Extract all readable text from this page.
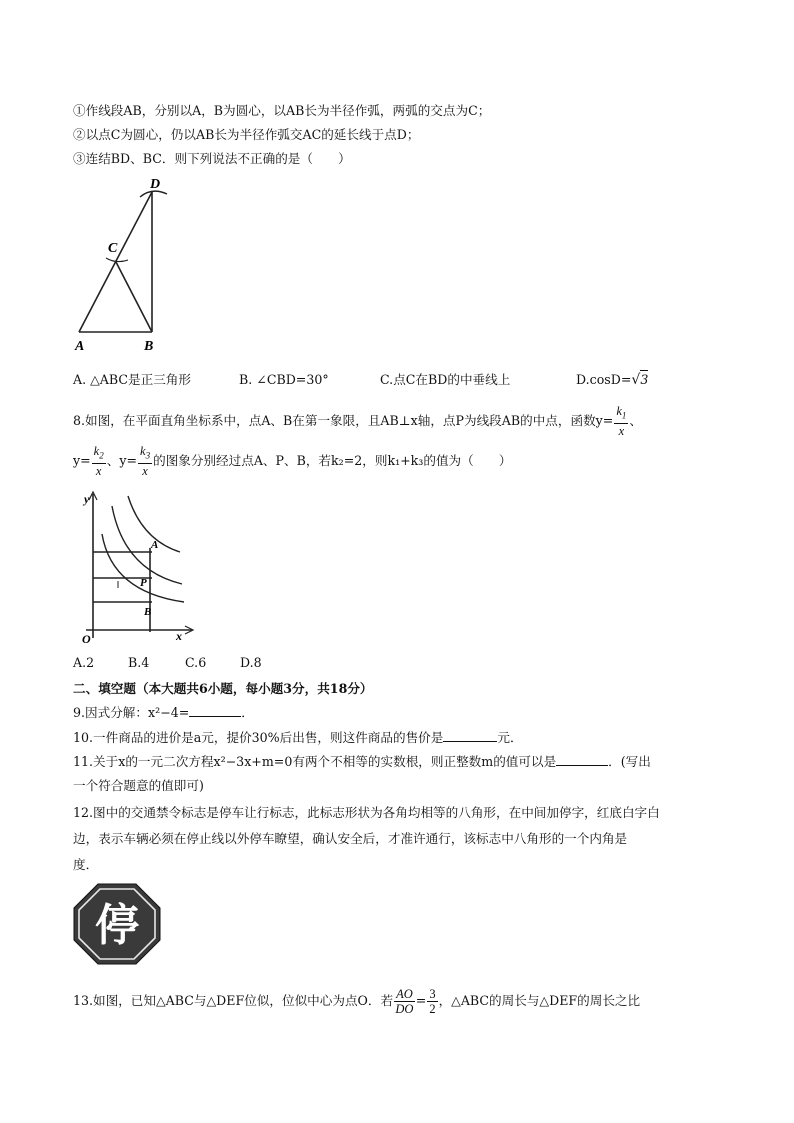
①作线段AB，分别以A，B为圆心，以AB长为半径作弧，两弧的交点为C；
②以点C为圆心，仍以AB长为半径作弧交AC的延长线于点D；
③连结BD、BC．则下列说法不正确的是（　　）
D
C
A	B
A. △ABC是正三角形	B. ∠CBD=30°	C.点C在BD的中垂线上	D.cosD=√3
8.如图，在平面直角坐标系中，点A、B在第一象限，且AB⊥x轴，点P为线段AB的中点，函数$y= \frac{k_1}{x}$ 、
$y= \frac{k_2}{x}$ 、$y= \frac{k_3}{x}$ 的图象分别经过点A、P、B，若k₂=2，则k₁+k₃的值为（　　）
y
x
O
A
P
B
A.2	B.4	C.6	D.8
二、填空题（本大题共6小题，每小题3分，共18分）
9.因式分解：x²−4=	．
10.一件商品的进价是a元，提价30%后出售，则这件商品的售价是	元．
11.关于x的一元二次方程x²−3x+m=0有两个不相等的实数根，则正整数m的值可以是	．(写出
一个符合题意的值即可)
12.图中的交通禁令标志是停车让行标志，此标志形状为各角均相等的八角形，在中间加停字，红底白字白
边，表示车辆必须在停止线以外停车瞭望，确认安全后，才准许通行，该标志中八角形的一个内角是
度．
停
13.如图，已知△ABC与△DEF位似，位似中心为点O．若 $\frac{AO}{DO} = \frac{3}{2}$ ，△ABC的周长与△DEF的周长之比
